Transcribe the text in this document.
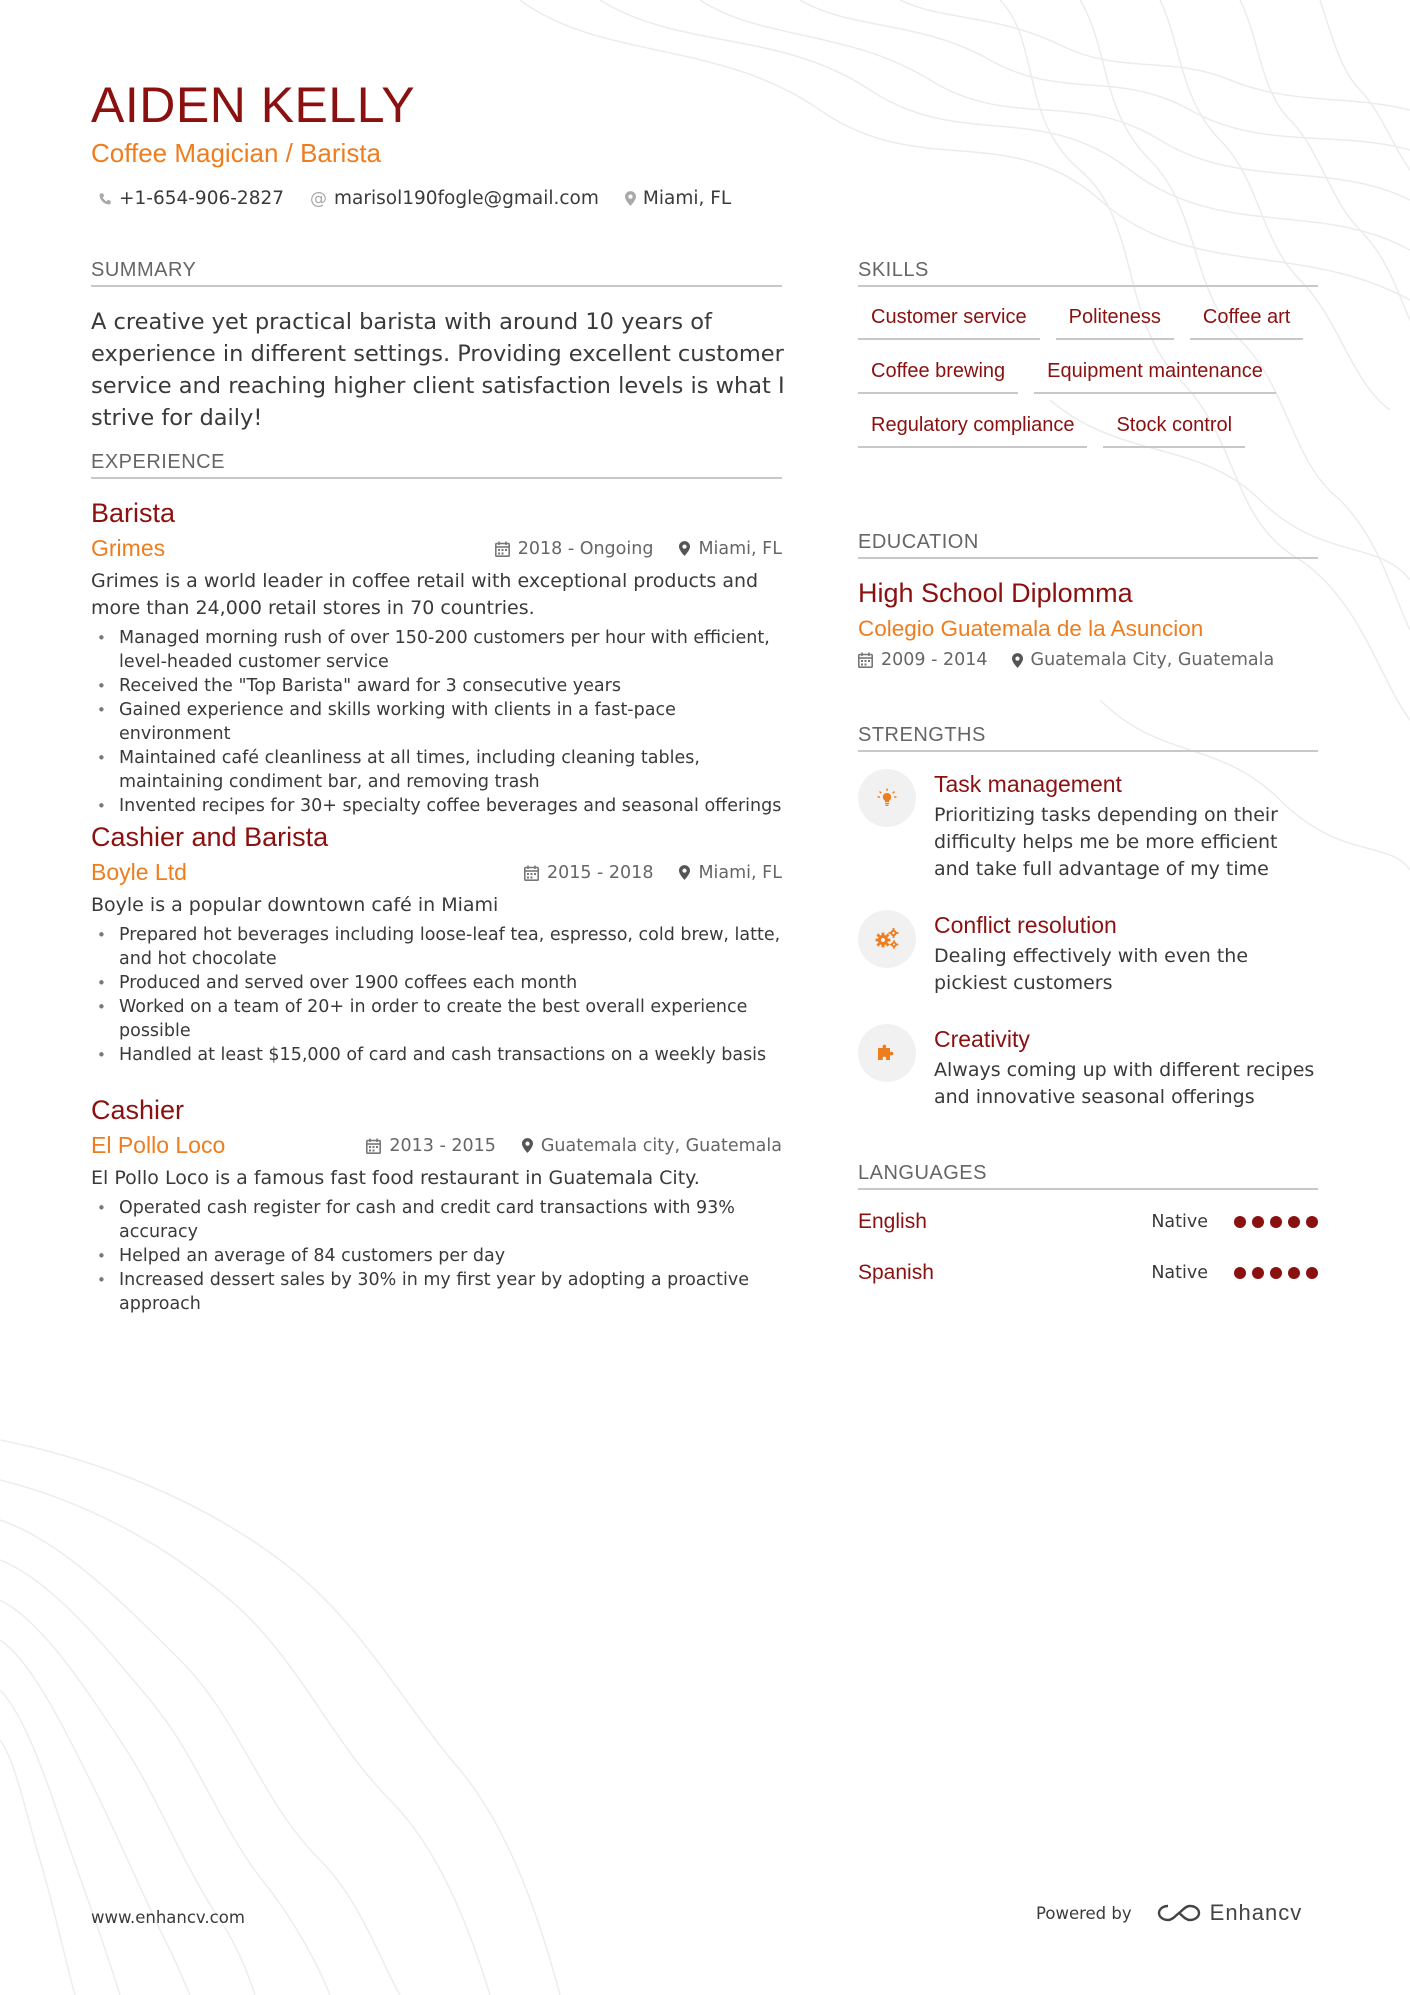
AIDEN KELLY
Coffee Magician / Barista
+1-654-906-2827 @ marisol190fogle@gmail.com Miami, FL
SUMMARY
A creative yet practical barista with around 10 years of experience in different settings. Providing excellent customer service and reaching higher client satisfaction levels is what I strive for daily!
EXPERIENCE
Barista
Grimes	2018 - Ongoing	Miami, FL
Grimes is a world leader in coffee retail with exceptional products and more than 24,000 retail stores in 70 countries.
• Managed morning rush of over 150-200 customers per hour with efficient, level-headed customer service
• Received the "Top Barista" award for 3 consecutive years
• Gained experience and skills working with clients in a fast-pace environment
• Maintained café cleanliness at all times, including cleaning tables, maintaining condiment bar, and removing trash
• Invented recipes for 30+ specialty coffee beverages and seasonal offerings
Cashier and Barista
Boyle Ltd	2015 - 2018	Miami, FL
Boyle is a popular downtown café in Miami
• Prepared hot beverages including loose-leaf tea, espresso, cold brew, latte, and hot chocolate
• Produced and served over 1900 coffees each month
• Worked on a team of 20+ in order to create the best overall experience possible
• Handled at least $15,000 of card and cash transactions on a weekly basis
Cashier
El Pollo Loco	2013 - 2015	Guatemala city, Guatemala
El Pollo Loco is a famous fast food restaurant in Guatemala City.
• Operated cash register for cash and credit card transactions with 93% accuracy
• Helped an average of 84 customers per day
• Increased dessert sales by 30% in my first year by adopting a proactive approach
SKILLS
Customer service	Politeness	Coffee art
Coffee brewing	Equipment maintenance
Regulatory compliance	Stock control
EDUCATION
High School Diplomma
Colegio Guatemala de la Asuncion
2009 - 2014 Guatemala City, Guatemala
STRENGTHS
Task management
Prioritizing tasks depending on their difficulty helps me be more efficient and take full advantage of my time
Conflict resolution
Dealing effectively with even the pickiest customers
Creativity
Always coming up with different recipes and innovative seasonal offerings
LANGUAGES
English	Native
Spanish	Native
www.enhancv.com	Powered by	Enhancv
